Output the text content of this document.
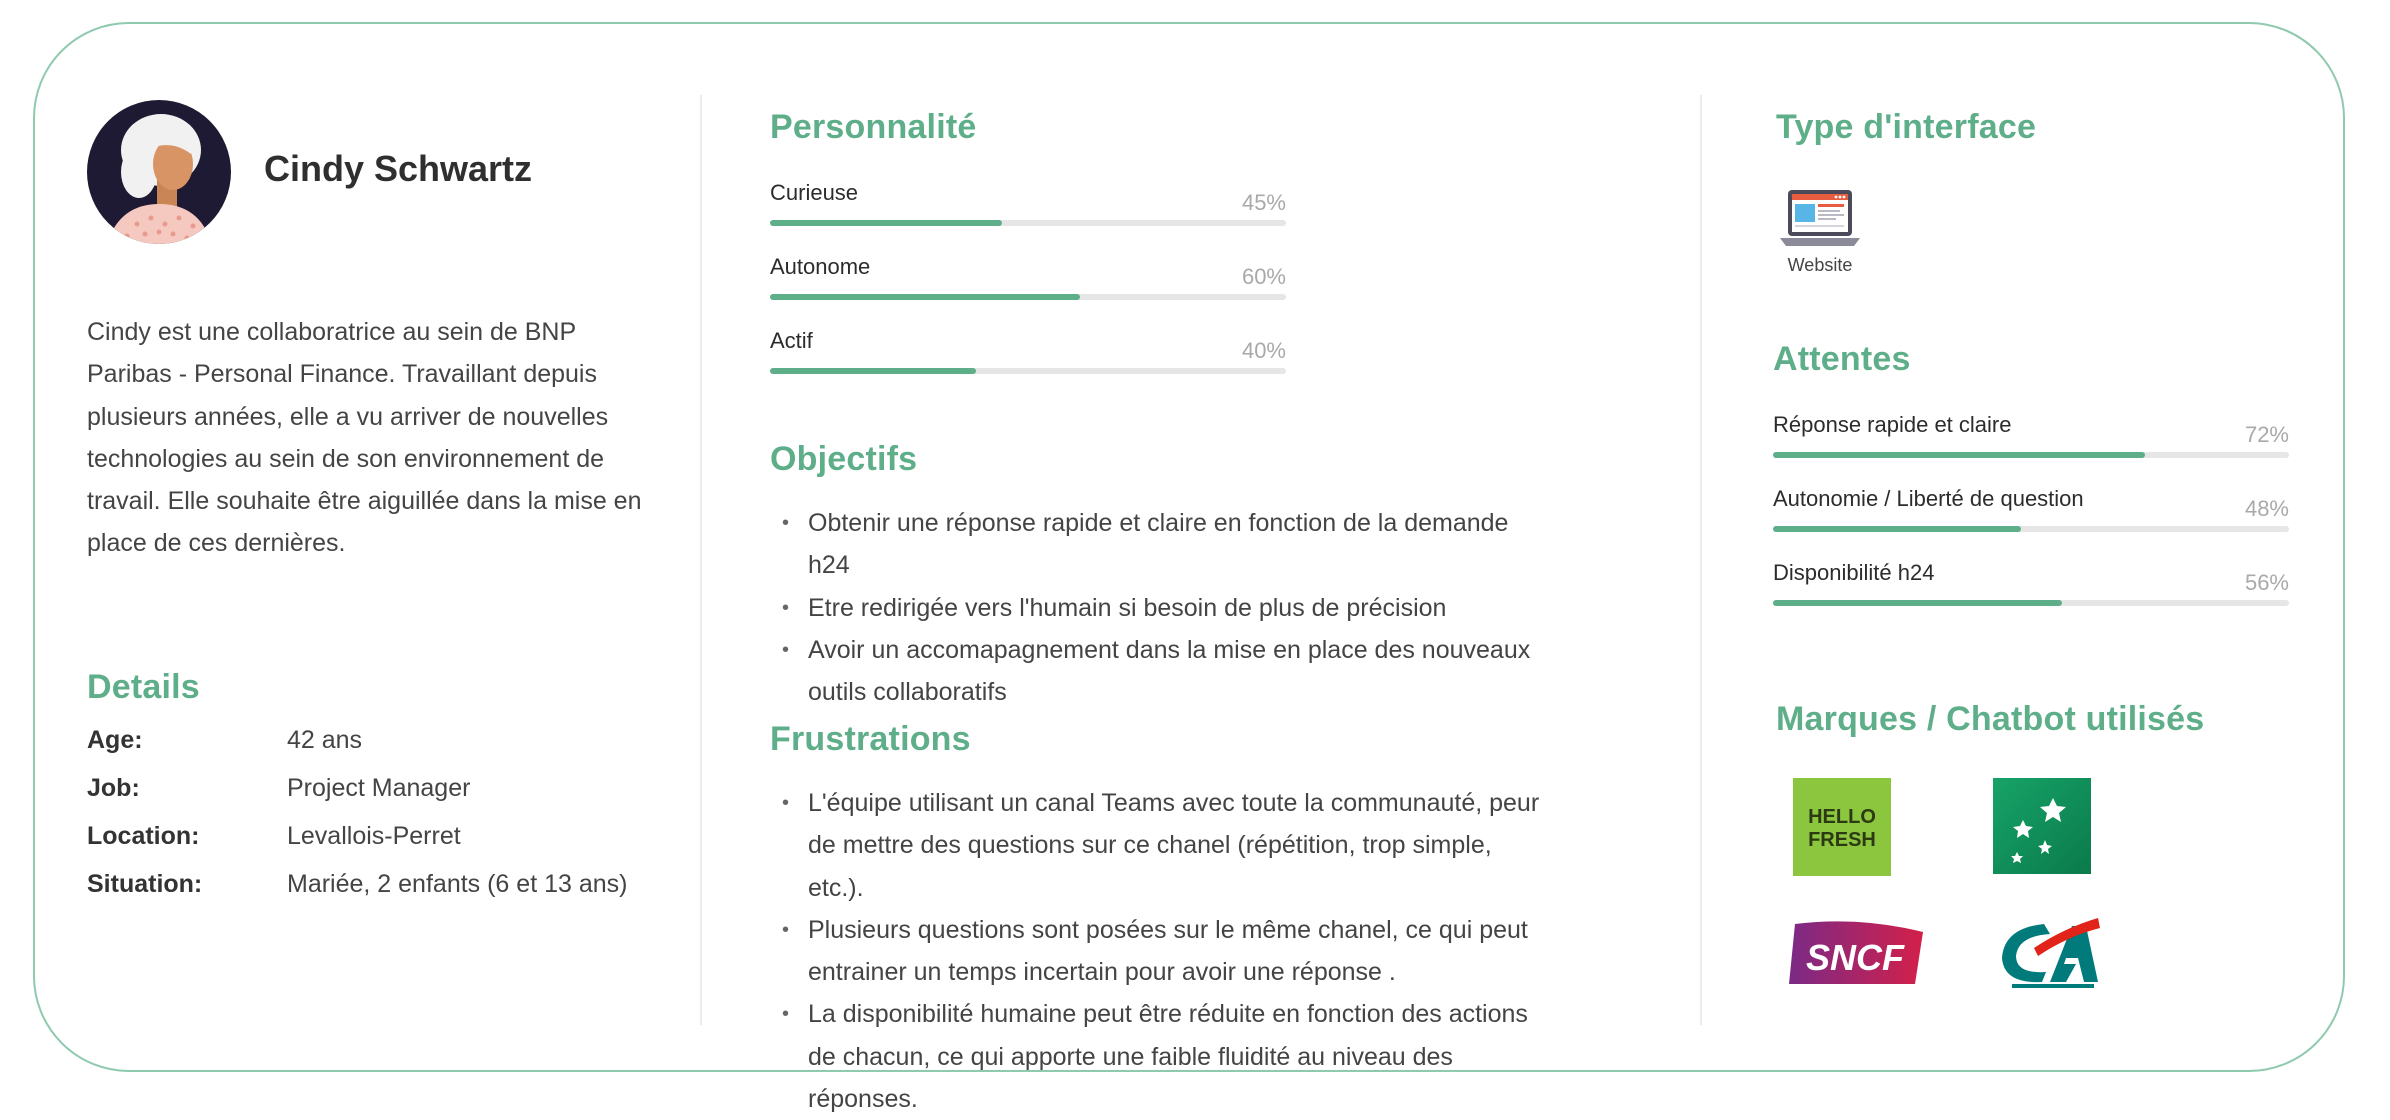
Cindy Schwartz
Cindy est une collaboratrice au sein de BNP Paribas - Personal Finance. Travaillant depuis plusieurs années, elle a vu arriver de nouvelles technologies au sein de son environnement de travail. Elle souhaite être aiguillée dans la mise en place de ces dernières.
Details
Age:	42 ans
Job:	Project Manager
Location:	Levallois-Perret
Situation:	Mariée, 2 enfants (6 et 13 ans)
Personnalité
Curieuse	45%
Autonome	60%
Actif	40%
Objectifs
• Obtenir une réponse rapide et claire en fonction de la demande h24
• Etre redirigée vers l'humain si besoin de plus de précision
• Avoir un accomapagnement dans la mise en place des nouveaux outils collaboratifs
Frustrations
• L'équipe utilisant un canal Teams avec toute la communauté, peur de mettre des questions sur ce chanel (répétition, trop simple, etc.).
• Plusieurs questions sont posées sur le même chanel, ce qui peut entrainer un temps incertain pour avoir une réponse .
• La disponibilité humaine peut être réduite en fonction des actions de chacun, ce qui apporte une faible fluidité au niveau des réponses.
Type d'interface
Website
Attentes
Réponse rapide et claire	72%
Autonomie / Liberté de question	48%
Disponibilité h24	56%
Marques / Chatbot utilisés
HELLO
FRESH
SNCF
